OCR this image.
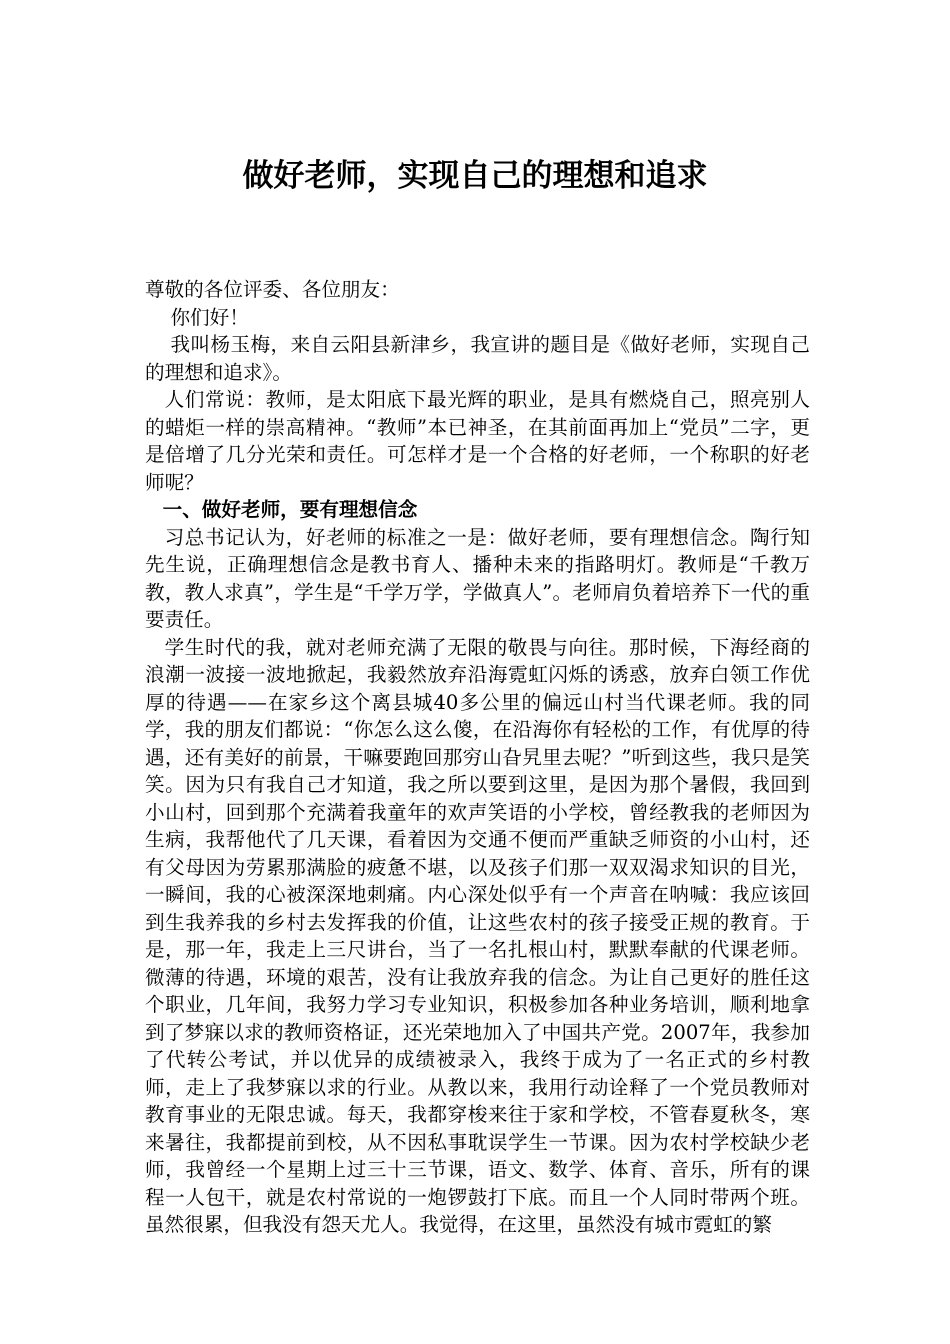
做好老师，实现自己的理想和追求

尊敬的各位评委、各位朋友：

你们好！

我叫杨玉梅，来自云阳县新津乡，我宣讲的题目是《做好老师，实现自己的理想和追求》。

人们常说：教师，是太阳底下最光辉的职业，是具有燃烧自己，照亮别人的蜡炬一样的崇高精神。“教师”本已神圣，在其前面再加上“党员”二字，更是倍增了几分光荣和责任。可怎样才是一个合格的好老师，一个称职的好老师呢？

一、做好老师，要有理想信念

习总书记认为，好老师的标准之一是：做好老师，要有理想信念。陶行知先生说，正确理想信念是教书育人、播种未来的指路明灯。教师是“千教万教，教人求真”，学生是“千学万学，学做真人”。老师肩负着培养下一代的重要责任。

学生时代的我，就对老师充满了无限的敬畏与向往。那时候，下海经商的浪潮一波接一波地掀起，我毅然放弃沿海霓虹闪烁的诱惑，放弃白领工作优厚的待遇——在家乡这个离县城40多公里的偏远山村当代课老师。我的同学，我的朋友们都说：“你怎么这么傻，在沿海你有轻松的工作，有优厚的待遇，还有美好的前景，干嘛要跑回那穷山旮旯里去呢？”听到这些，我只是笑笑。因为只有我自己才知道，我之所以要到这里，是因为那个暑假，我回到小山村，回到那个充满着我童年的欢声笑语的小学校，曾经教我的老师因为生病，我帮他代了几天课，看着因为交通不便而严重缺乏师资的小山村，还有父母因为劳累那满脸的疲惫不堪，以及孩子们那一双双渴求知识的目光，一瞬间，我的心被深深地刺痛。内心深处似乎有一个声音在呐喊：我应该回到生我养我的乡村去发挥我的价值，让这些农村的孩子接受正规的教育。于是，那一年，我走上三尺讲台，当了一名扎根山村，默默奉献的代课老师。微薄的待遇，环境的艰苦，没有让我放弃我的信念。为让自己更好的胜任这个职业，几年间，我努力学习专业知识，积极参加各种业务培训，顺利地拿到了梦寐以求的教师资格证，还光荣地加入了中国共产党。2007年，我参加了代转公考试，并以优异的成绩被录入，我终于成为了一名正式的乡村教师，走上了我梦寐以求的行业。从教以来，我用行动诠释了一个党员教师对教育事业的无限忠诚。每天，我都穿梭来往于家和学校，不管春夏秋冬，寒来暑往，我都提前到校，从不因私事耽误学生一节课。因为农村学校缺少老师，我曾经一个星期上过三十三节课，语文、数学、体育、音乐，所有的课程一人包干，就是农村常说的一炮锣鼓打下底。而且一个人同时带两个班。虽然很累，但我没有怨天尤人。我觉得，在这里，虽然没有城市霓虹的繁
